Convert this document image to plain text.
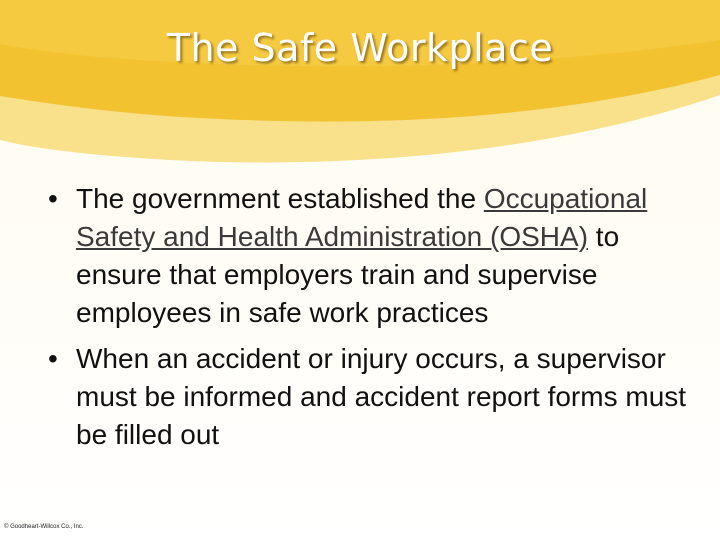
The Safe Workplace
• The government established the Occupational Safety and Health Administration (OSHA) to ensure that employers train and supervise employees in safe work practices
• When an accident or injury occurs, a supervisor must be informed and accident report forms must be filled out
© Goodheart-Willcox Co., Inc.
